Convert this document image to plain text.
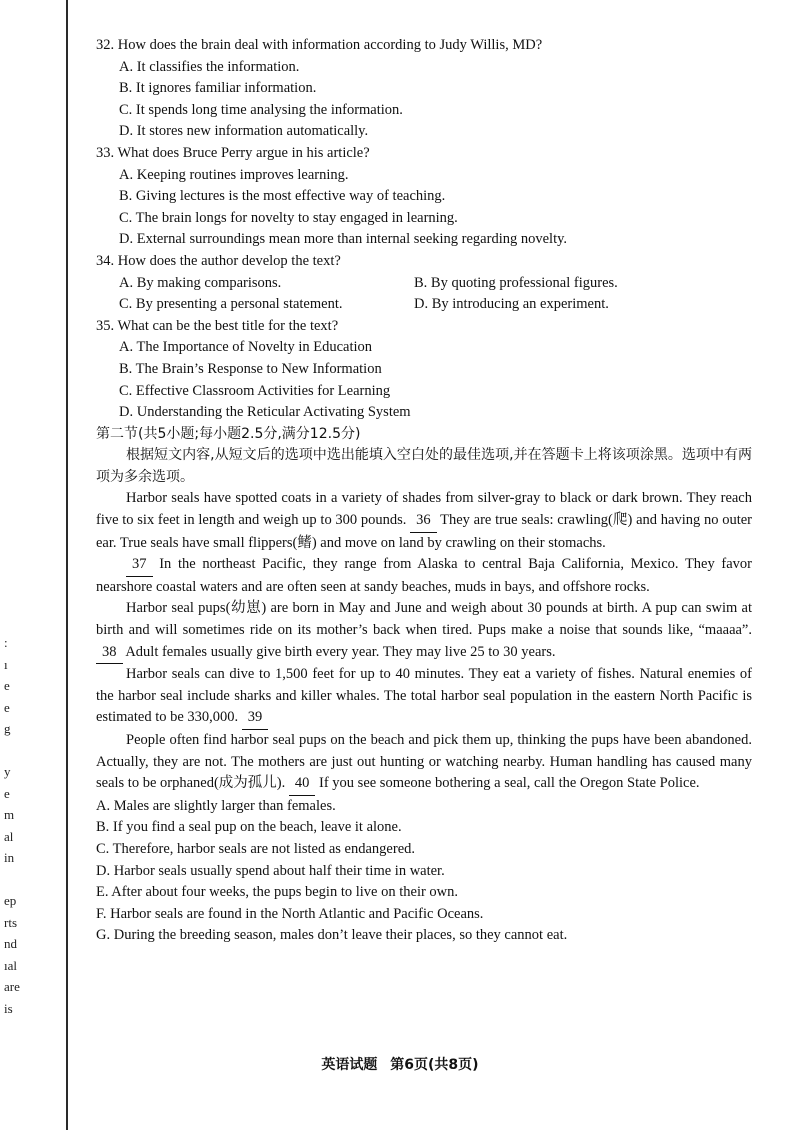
:
ı
e
e
g
y
e
m
al
in
ep
rts
nd
ıal
are
is
32. How does the brain deal with information according to Judy Willis, MD?
A. It classifies the information.
B. It ignores familiar information.
C. It spends long time analysing the information.
D. It stores new information automatically.
33. What does Bruce Perry argue in his article?
A. Keeping routines improves learning.
B. Giving lectures is the most effective way of teaching.
C. The brain longs for novelty to stay engaged in learning.
D. External surroundings mean more than internal seeking regarding novelty.
34. How does the author develop the text?
A. By making comparisons.	B. By quoting professional figures.
C. By presenting a personal statement.	D. By introducing an experiment.
35. What can be the best title for the text?
A. The Importance of Novelty in Education
B. The Brain’s Response to New Information
C. Effective Classroom Activities for Learning
D. Understanding the Reticular Activating System
第二节(共5小题;每小题2.5分,满分12.5分)

根据短文内容,从短文后的选项中选出能填入空白处的最佳选项,并在答题卡上将该项涂黑。选项中有两项为多余选项。

Harbor seals have spotted coats in a variety of shades from silver-gray to black or dark brown. They reach five to six feet in length and weigh up to 300 pounds. 36 They are true seals: crawling(爬) and having no outer ear. True seals have small flippers(鳍) and move on land by crawling on their stomachs.

37 In the northeast Pacific, they range from Alaska to central Baja California, Mexico. They favor nearshore coastal waters and are often seen at sandy beaches, muds in bays, and offshore rocks.

Harbor seal pups(幼崽) are born in May and June and weigh about 30 pounds at birth. A pup can swim at birth and will sometimes ride on its mother’s back when tired. Pups make a noise that sounds like, “maaaa”. 38 Adult females usually give birth every year. They may live 25 to 30 years.

Harbor seals can dive to 1,500 feet for up to 40 minutes. They eat a variety of fishes. Natural enemies of the harbor seal include sharks and killer whales. The total harbor seal population in the eastern North Pacific is estimated to be 330,000. 39

People often find harbor seal pups on the beach and pick them up, thinking the pups have been abandoned. Actually, they are not. The mothers are just out hunting or watching nearby. Human handling has caused many seals to be orphaned(成为孤儿). 40 If you see someone bothering a seal, call the Oregon State Police.

A. Males are slightly larger than females.
B. If you find a seal pup on the beach, leave it alone.
C. Therefore, harbor seals are not listed as endangered.
D. Harbor seals usually spend about half their time in water.
E. After about four weeks, the pups begin to live on their own.
F. Harbor seals are found in the North Atlantic and Pacific Oceans.
G. During the breeding season, males don’t leave their places, so they cannot eat.
英语试题 第6页(共8页)
